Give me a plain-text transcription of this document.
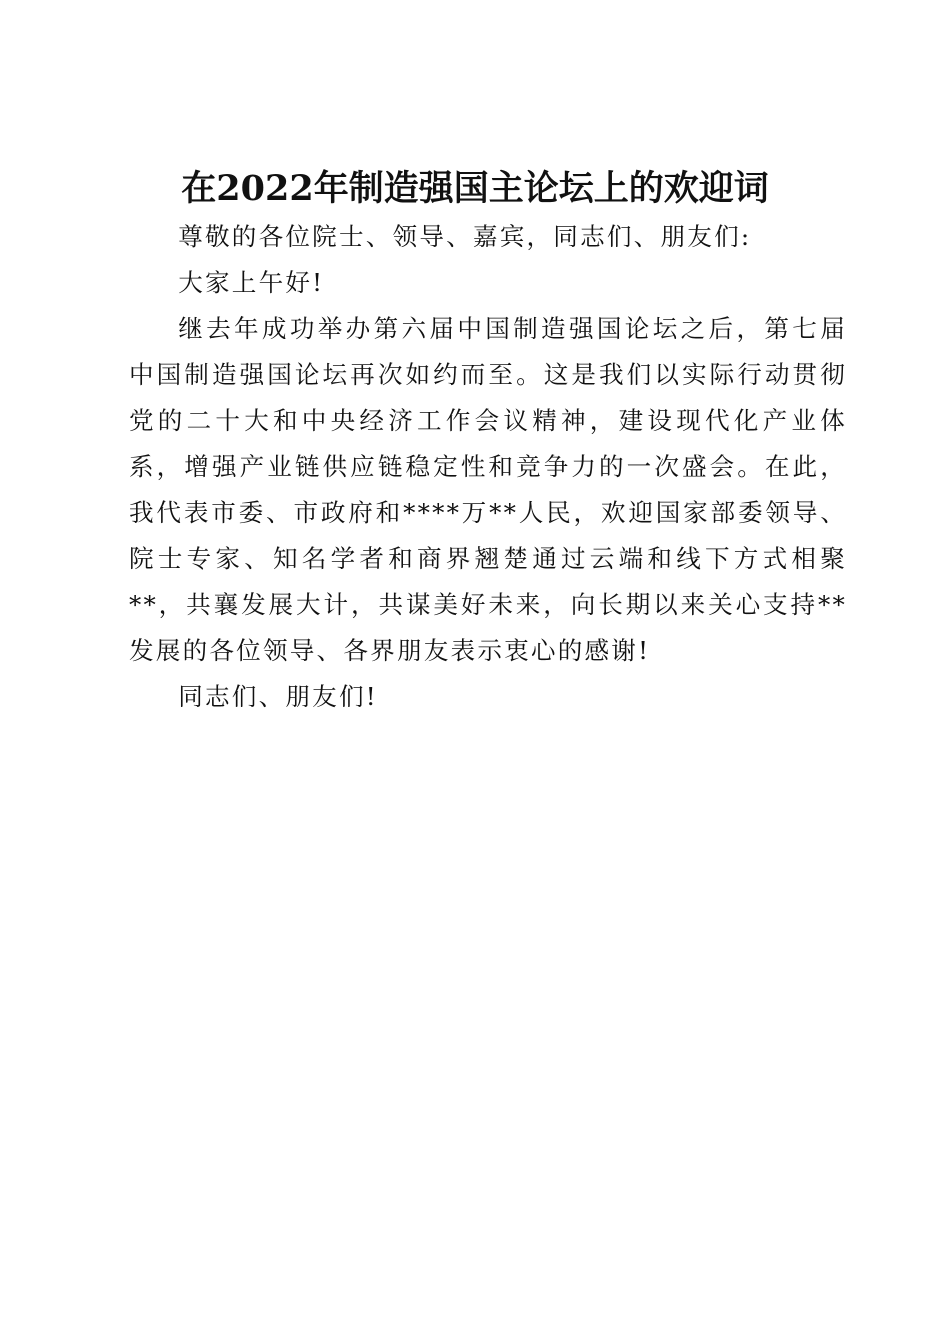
在2022年制造强国主论坛上的欢迎词

尊敬的各位院士、领导、嘉宾，同志们、朋友们:

大家上午好!

继去年成功举办第六届中国制造强国论坛之后，第七届中国制造强国论坛再次如约而至。这是我们以实际行动贯彻党的二十大和中央经济工作会议精神，建设现代化产业体系，增强产业链供应链稳定性和竞争力的一次盛会。在此，我代表市委、市政府和****万**人民，欢迎国家部委领导、院士专家、知名学者和商界翘楚通过云端和线下方式相聚**，共襄发展大计，共谋美好未来，向长期以来关心支持**发展的各位领导、各界朋友表示衷心的感谢!

同志们、朋友们!
